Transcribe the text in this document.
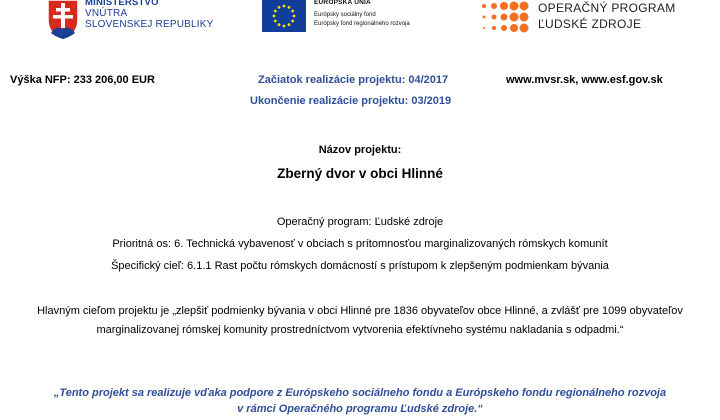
MINISTERSTVO
VNÚTRA
SLOVENSKEJ REPUBLIKY
EURÓPSKA ÚNIA
Európsky sociálny fond
Európsky fond regionálneho rozvoja
OPERAČNÝ PROGRAM
ĽUDSKÉ ZDROJE
Výška NFP: 233 206,00 EUR	Začiatok realizácie projektu: 04/2017
Ukončenie realizácie projektu: 03/2019
www.mvsr.sk, www.esf.gov.sk
Názov projektu:
Zberný dvor v obci Hlinné
Operačný program: Ľudské zdroje
Prioritná os: 6. Technická vybavenosť v obciach s prítomnosťou marginalizovaných rómskych komunít
Špecifický cieľ: 6.1.1 Rast počtu rómskych domácností s prístupom k zlepšeným podmienkam bývania
Hlavným cieľom projektu je „zlepšiť podmienky bývania v obci Hlinné pre 1836 obyvateľov obce Hlinné, a zvlášť pre 1099 obyvateľov marginalizovanej rómskej komunity prostredníctvom vytvorenia efektívneho systému nakladania s odpadmi.“
„Tento projekt sa realizuje vďaka podpore z Európskeho sociálneho fondu a Európskeho fondu regionálneho rozvoja
v rámci Operačného programu Ľudské zdroje.“
